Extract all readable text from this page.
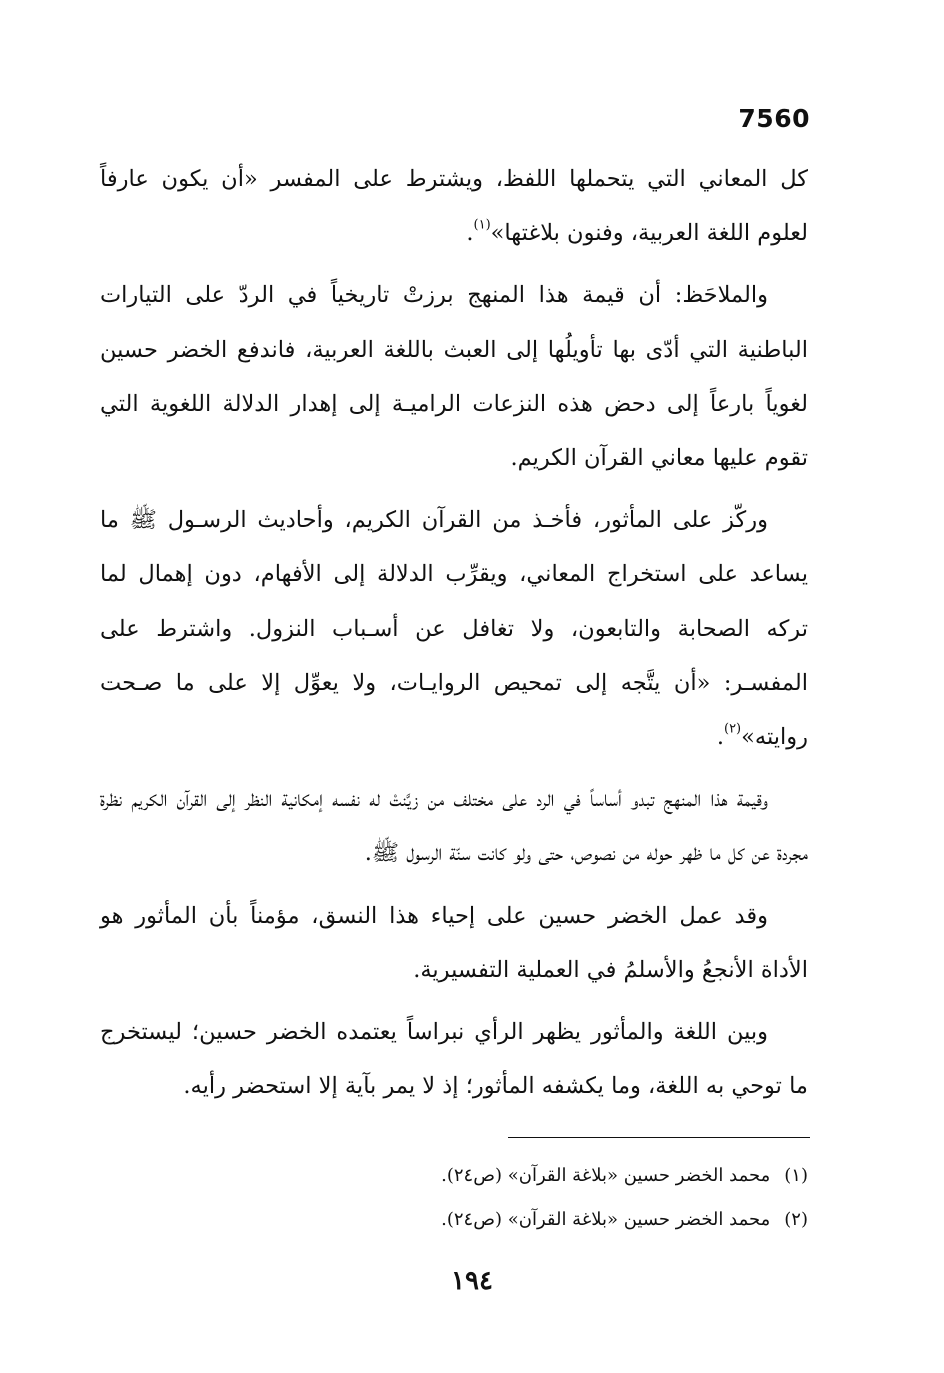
7560

كل المعاني التي يتحملها اللفظ، ويشترط على المفسر «أن يكون عارفاً لعلوم اللغة العربية، وفنون بلاغتها»$^{(١)}$.

والملاحَظ: أن قيمة هذا المنهج برزتْ تاريخياً في الردّ على التيارات الباطنية التي أدّى بها تأويلُها إلى العبث باللغة العربية، فاندفع الخضر حسين لغوياً بارعاً إلى دحض هذه النزعات الراميـة إلى إهدار الدلالة اللغوية التي تقوم عليها معاني القرآن الكريم.

وركّز على المأثور، فأخـذ من القرآن الكريم، وأحاديث الرسـول ﷺ ما يساعد على استخراج المعاني، ويقرِّب الدلالة إلى الأفهام، دون إهمال لما تركه الصحابة والتابعون، ولا تغافل عن أسـباب النزول. واشترط على المفسـر: «أن يتَّجه إلى تمحيص الروايـات، ولا يعوِّل إلا على ما صـحت روايته»$^{(٢)}$.

وقيمة هذا المنهج تبدو أساساً في الرد على مختلف من زيَّنتْ له نفسه إمكانية النظر إلى القرآن الكريم نظرة مجردة عن كل ما ظهر حوله من نصوص، حتى ولو كانت سنّة الرسول ﷺ.

وقد عمل الخضر حسين على إحياء هذا النسق، مؤمناً بأن المأثور هو الأداة الأنجعُ والأسلمُ في العملية التفسيرية.

وبين اللغة والمأثور يظهر الرأي نبراساً يعتمده الخضر حسين؛ ليستخرج ما توحي به اللغة، وما يكشفه المأثور؛ إذ لا يمر بآية إلا استحضر رأيه.

(١)محمد الخضر حسين «بلاغة القرآن» (ص٢٤).
(٢)محمد الخضر حسين «بلاغة القرآن» (ص٢٤).
١٩٤
